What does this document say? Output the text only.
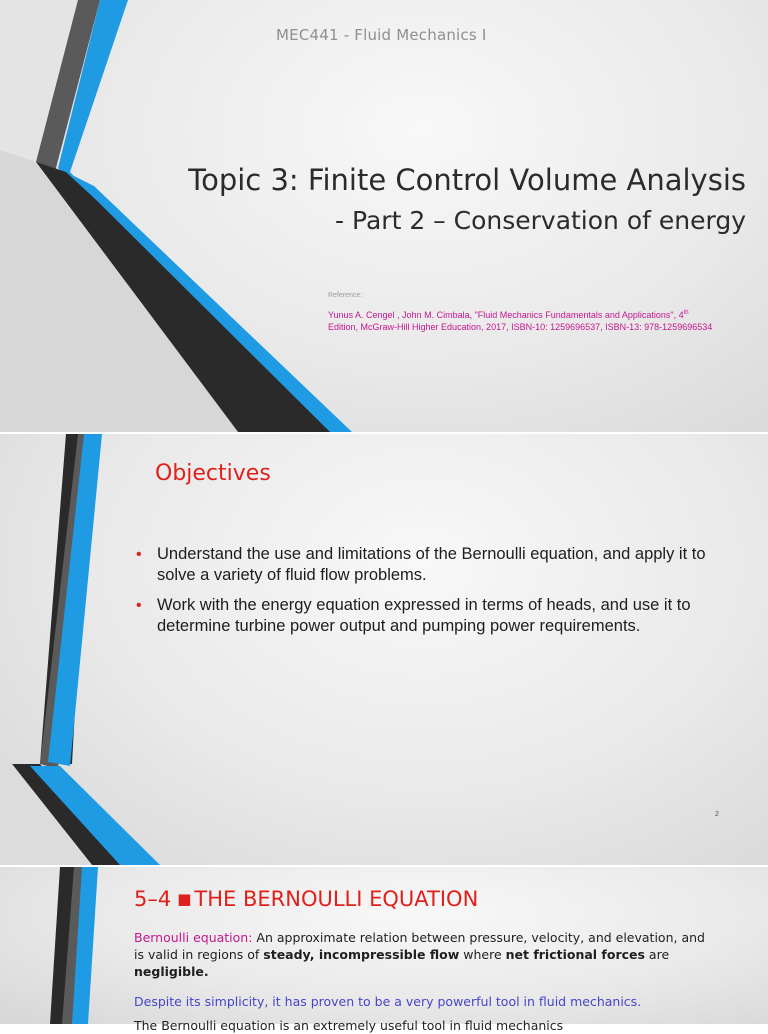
MEC441 - Fluid Mechanics I
Topic 3: Finite Control Volume Analysis
- Part 2 – Conservation of energy
Reference:
Yunus A. Cengel , John M. Cimbala, "Fluid Mechanics Fundamentals and Applications", 4th
Edition, McGraw-Hill Higher Education, 2017, ISBN-10: 1259696537, ISBN-13: 978-1259696534
Objectives
• Understand the use and limitations of the Bernoulli equation, and apply it to solve a variety of fluid flow problems.
• Work with the energy equation expressed in terms of heads, and use it to determine turbine power output and pumping power requirements.
2
5–4 ■ THE BERNOULLI EQUATION
Bernoulli equation: An approximate relation between pressure, velocity, and elevation, and is valid in regions of steady, incompressible flow where net frictional forces are negligible.
Despite its simplicity, it has proven to be a very powerful tool in fluid mechanics.
The Bernoulli equation is an extremely useful tool in fluid mechanics
